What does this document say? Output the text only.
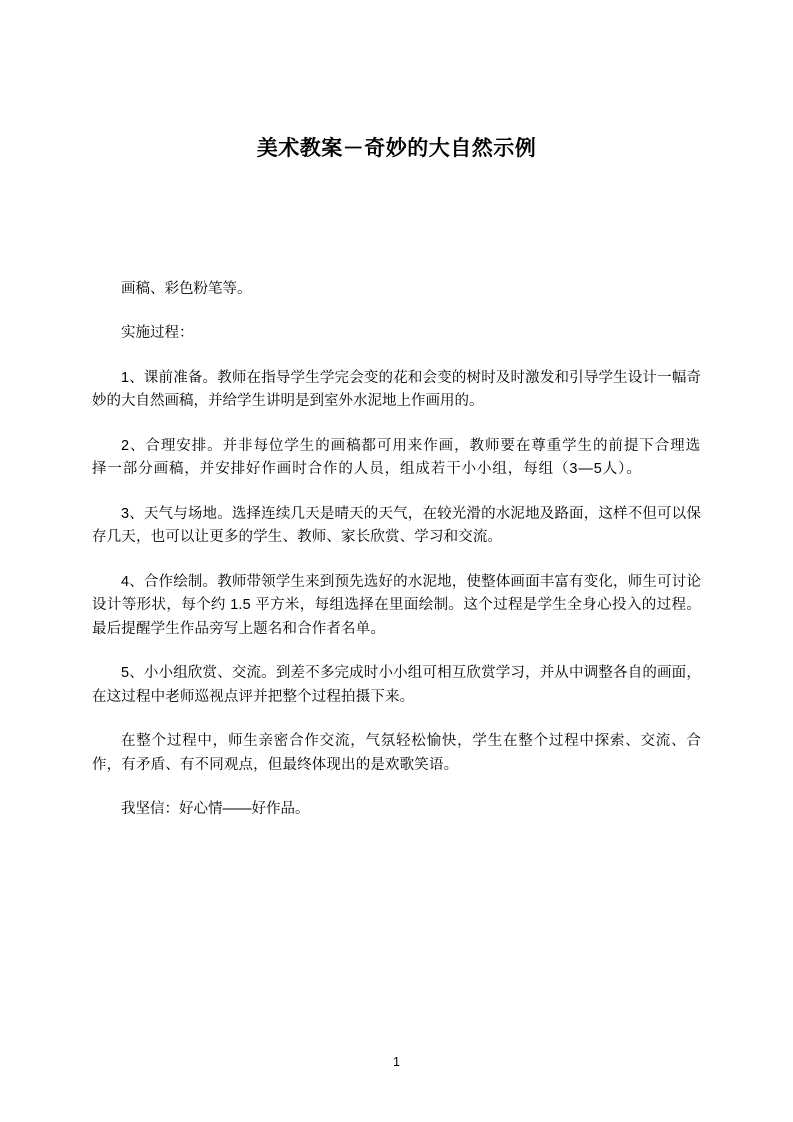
美术教案－奇妙的大自然示例

画稿、彩色粉笔等。

实施过程：

1、课前准备。教师在指导学生学完会变的花和会变的树时及时激发和引导学生设计一幅奇妙的大自然画稿，并给学生讲明是到室外水泥地上作画用的。

2、合理安排。并非每位学生的画稿都可用来作画，教师要在尊重学生的前提下合理选择一部分画稿，并安排好作画时合作的人员，组成若干小小组，每组（3—5人）。

3、天气与场地。选择连续几天是晴天的天气，在较光滑的水泥地及路面，这样不但可以保存几天，也可以让更多的学生、教师、家长欣赏、学习和交流。

4、合作绘制。教师带领学生来到预先选好的水泥地，使整体画面丰富有变化，师生可讨论设计等形状，每个约 1.5 平方米，每组选择在里面绘制。这个过程是学生全身心投入的过程。最后提醒学生作品旁写上题名和合作者名单。

5、小小组欣赏、交流。到差不多完成时小小组可相互欣赏学习，并从中调整各自的画面，在这过程中老师巡视点评并把整个过程拍摄下来。

在整个过程中，师生亲密合作交流，气氛轻松愉快，学生在整个过程中探索、交流、合作，有矛盾、有不同观点，但最终体现出的是欢歌笑语。

我坚信：好心情——好作品。

1
